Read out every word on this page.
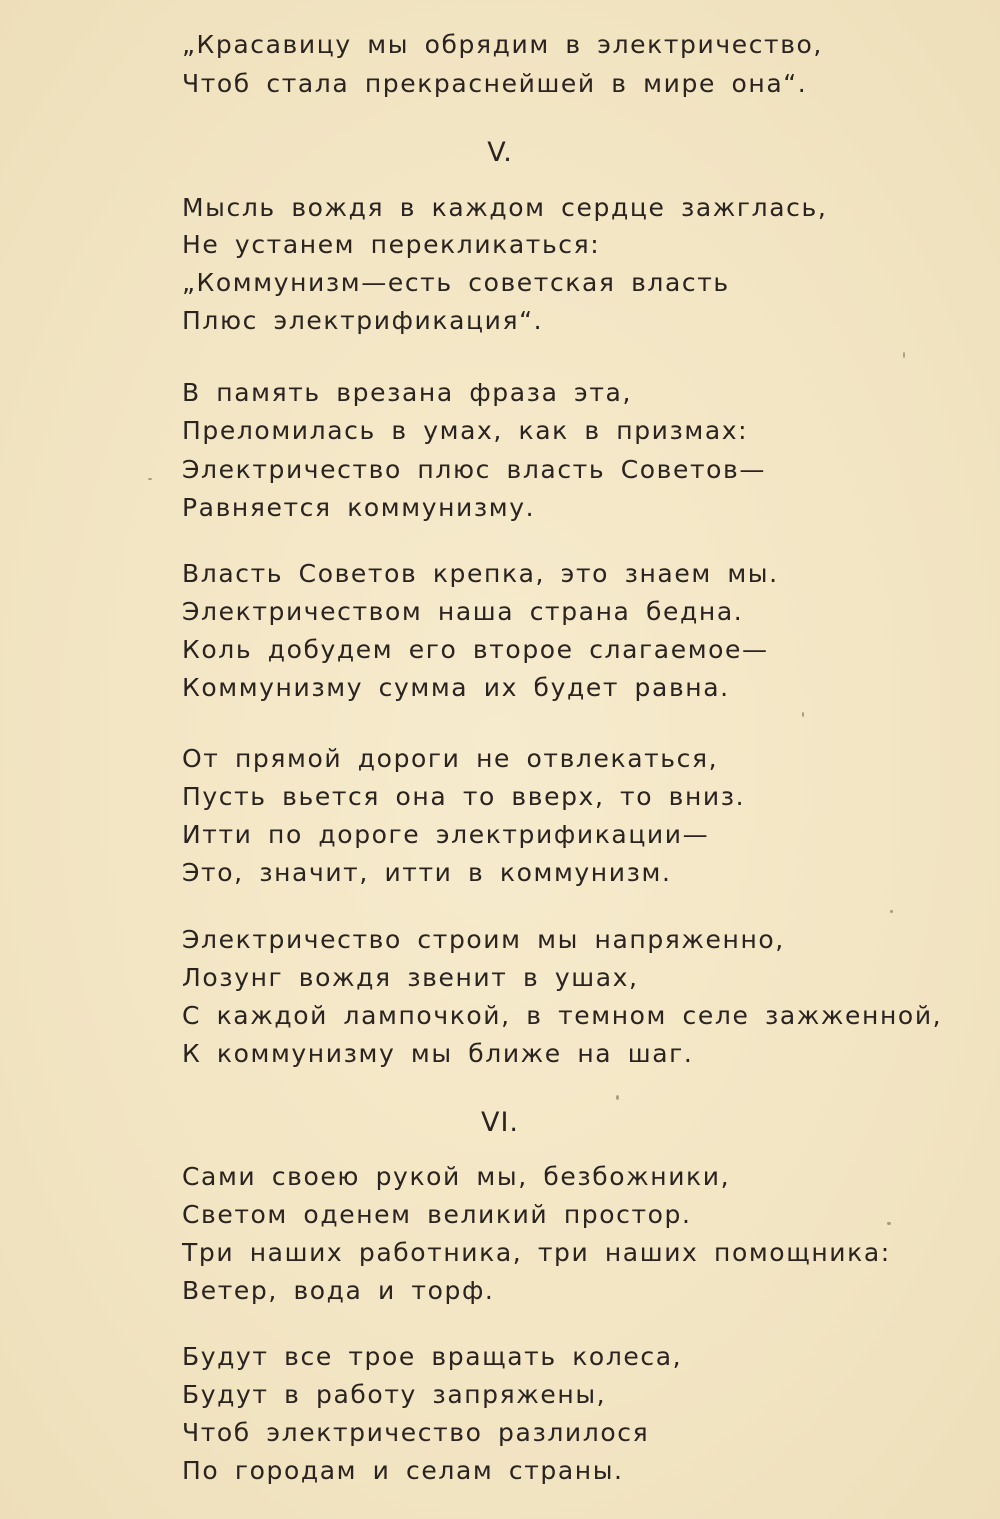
„Красавицу мы обрядим в электричество,
Чтоб стала прекраснейшей в мире она“.
V.
Мысль вождя в каждом сердце зажглась,
Не устанем перекликаться:
„Коммунизм—есть советская власть
Плюс электрификация“.
В память врезана фраза эта,
Преломилась в умах, как в призмах:
Электричество плюс власть Советов—
Равняется коммунизму.
Власть Советов крепка, это знаем мы.
Электричеством наша страна бедна.
Коль добудем его второе слагаемое—
Коммунизму сумма их будет равна.
От прямой дороги не отвлекаться,
Пусть вьется она то вверх, то вниз.
Итти по дороге электрификации—
Это, значит, итти в коммунизм.
Электричество строим мы напряженно,
Лозунг вождя звенит в ушах,
С каждой лампочкой, в темном селе зажженной,
К коммунизму мы ближе на шаг.
VI.
Сами своею рукой мы, безбожники,
Светом оденем великий простор.
Три наших работника, три наших помощника:
Ветер, вода и торф.
Будут все трое вращать колеса,
Будут в работу запряжены,
Чтоб электричество разлилося
По городам и селам страны.
